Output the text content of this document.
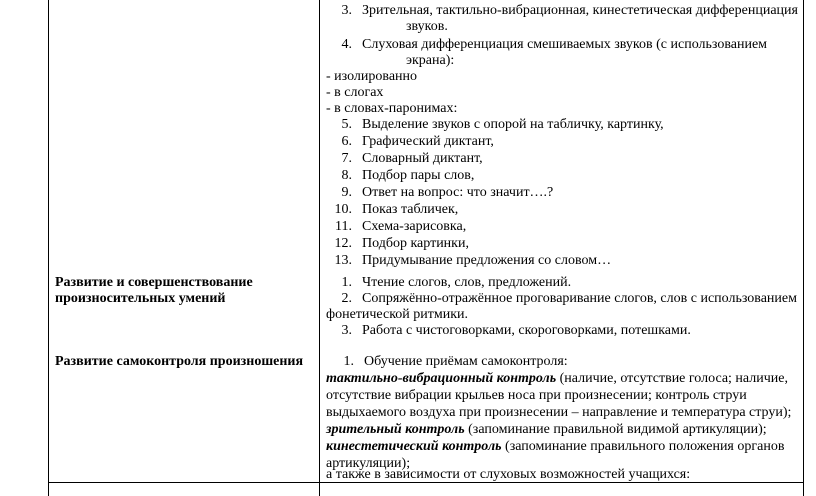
Развитие и совершенствование
произносительных умений
Развитие самоконтроля произношения
3. Зрительная, тактильно-вибрационная, кинестетическая дифференциация
звуков.
4. Слуховая дифференциация смешиваемых звуков (с использованием
экрана):
- изолированно
- в слогах
- в словах-паронимах:
5. Выделение звуков с опорой на табличку, картинку,
6. Графический диктант,
7. Словарный диктант,
8. Подбор пары слов,
9. Ответ на вопрос: что значит….?
10. Показ табличек,
11. Схема-зарисовка,
12. Подбор картинки,
13. Придумывание предложения со словом…
1. Чтение слогов, слов, предложений.
2. Сопряжённо-отражённое проговаривание слогов, слов с использованием
фонетической ритмики.
3. Работа с чистоговорками, скороговорками, потешками.
1. Обучение приёмам самоконтроля:
тактильно-вибрационный контроль (наличие, отсутствие голоса; наличие,
отсутствие вибрации крыльев носа при произнесении; контроль струи
выдыхаемого воздуха при произнесении – направление и температура струи);
зрительный контроль (запоминание правильной видимой артикуляции);
кинестетический контроль (запоминание правильного положения органов
артикуляции);
а также в зависимости от слуховых возможностей учащихся:
